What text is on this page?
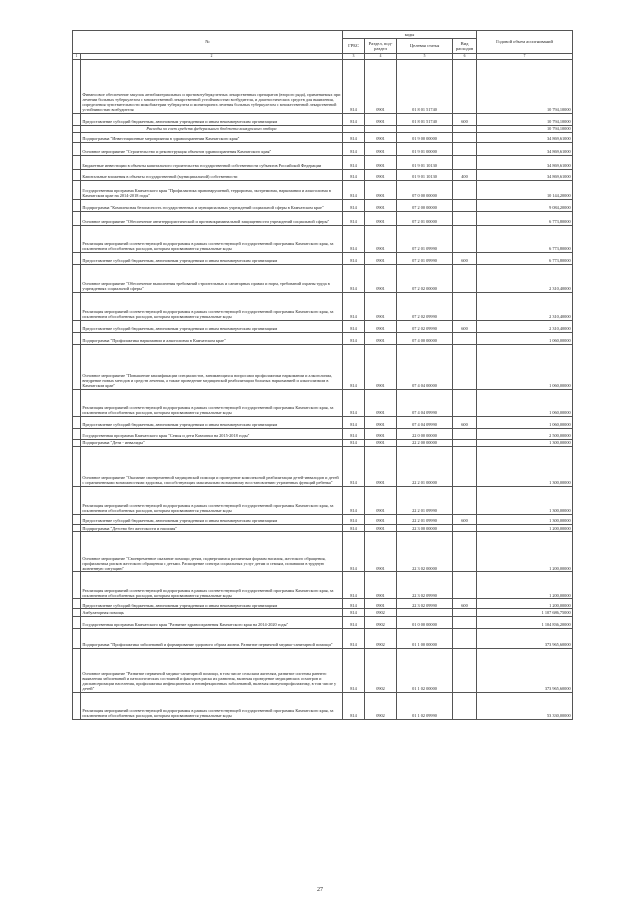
№		коды				Годовой объем ассигнований
		ГРБС	Раздел, под-раздел	Целевая статья	Вид расходов	
1	2	3	4	5	6	7
	Финансовое обеспечение закупок антибактериальных и противотуберкулезных лекарственных препаратов (второго ряда), применяемых при лечении больных туберкулезом с множественной лекарственной устойчивостью возбудителя, и диагностических средств для выявления, определения чувствительности микобактерии туберкулеза и мониторинга лечения больных туберкулезом с множественной лекарственной устойчивостью возбудителя	814	0901	01 8 01 51740		10 794,10000
	Предоставление субсидий бюджетным, автономным учреждениям и иным некоммерческим организациям	814	0901	01 8 01 51740	600	10 794,10000
	Расходы за счет средств федерального бюджета конкурсного отбора					10 794,10000
	Подпрограмма "Инвестиционные мероприятия в здравоохранении Камчатского края"	814	0901	01 9 00 00000		34 869,61000
	Основное мероприятие "Строительство и реконструкция объектов здравоохранения Камчатского края"	814	0901	01 9 01 00000		34 869,61000
	Бюджетные инвестиции в объекты капитального строительства государственной собственности субъектов Российской Федерации	814	0901	01 9 01 10130		34 869,61000
	Капитальные вложения в объекты государственной (муниципальной) собственности	814	0901	01 9 01 10130	400	34 869,61000
	Государственная программа Камчатского края "Профилактика правонарушений, терроризма, экстремизма, наркомании и алкоголизма в Камчатском крае на 2014-2018 годы"	814	0901	07 0 00 00000		10 144,20000
	Подпрограмма "Комплексная безопасность государственных и муниципальных учреждений социальной сферы в Камчатском крае"	814	0901	07 2 00 00000		9 084,20000
	Основное мероприятие "Обеспечение антитеррористической и противокриминальной защищенности учреждений социальной сферы"	814	0901	07 2 01 00000		6 773,80000
	Реализация мероприятий соответствующей подпрограммы в рамках соответствующей государственной программы Камчатского края, за исключением обособленных расходов, которым присваиваются уникальные коды	814	0901	07 2 01 09990		6 773,80000
	Предоставление субсидий бюджетным, автономным учреждениям и иным некоммерческим организациям	814	0901	07 2 01 09990	600	6 773,80000
	Основное мероприятие "Обеспечение выполнения требований строительных и санитарных правил и норм, требований охраны труда в учреждениях социальной сферы"	814	0901	07 2 02 00000		2 310,40000
	Реализация мероприятий соответствующей подпрограммы в рамках соответствующей государственной программы Камчатского края, за исключением обособленных расходов, которым присваиваются уникальные коды	814	0901	07 2 02 09990		2 310,40000
	Предоставление субсидий бюджетным, автономным учреждениям и иным некоммерческим организациям	814	0901	07 2 02 09990	600	2 310,40000
	Подпрограмма "Профилактика наркомании и алкоголизма в Камчатском крае"	814	0901	07 4 00 00000		1 060,00000
	Основное мероприятие "Повышение квалификации специалистов, занимающихся вопросами профилактики наркомании и алкоголизма, внедрение новых методов и средств лечения, а также проведение медицинской реабилитации больных наркоманией и алкоголизмом в Камчатском крае"	814	0901	07 4 04 00000		1 060,00000
	Реализация мероприятий соответствующей подпрограммы в рамках соответствующей государственной программы Камчатского края, за исключением обособленных расходов, которым присваиваются уникальные коды	814	0901	07 4 04 09990		1 060,00000
	Предоставление субсидий бюджетным, автономным учреждениям и иным некоммерческим организациям	814	0901	07 4 04 09990	600	1 060,00000
	Государственная программа Камчатского края "Семья и дети Камчатки на 2015-2018 годы"	814	0901	22 0 00 00000		2 500,00000
	Подпрограмма "Дети - инвалиды"	814	0901	22 2 00 00000		1 300,00000
	Основное мероприятие "Оказание своевременной медицинской помощи и проведение комплексной реабилитации детей-инвалидов и детей с ограниченными возможностями здоровья, способствующих максимально возможному восстановлению утраченных функций ребенка"	814	0901	22 2 01 00000		1 300,00000
	Реализация мероприятий соответствующей подпрограммы в рамках соответствующей государственной программы Камчатского края, за исключением обособленных расходов, которым присваиваются уникальные коды	814	0901	22 2 01 09990		1 300,00000
	Предоставление субсидий бюджетным, автономным учреждениям и иным некоммерческим организациям	814	0901	22 2 01 09990	600	1 300,00000
	Подпрограмма "Детство без жестокости и насилия"	814	0901	22 3 00 00000		1 200,00000
	Основное мероприятие "Своевременное оказание помощи детям, подвергшимся различным формам насилия, жестокого обращения, профилактика рисков жестокого обращения с детьми. Расширение спектра социальных услуг детям и семьям, попавшим в трудную жизненную ситуацию"	814	0901	22 3 02 00000		1 200,00000
	Реализация мероприятий соответствующей подпрограммы в рамках соответствующей государственной программы Камчатского края, за исключением обособленных расходов, которым присваиваются уникальные коды	814	0901	22 3 02 09990		1 200,00000
	Предоставление субсидий бюджетным, автономным учреждениям и иным некоммерческим организациям	814	0901	22 3 02 09990	600	1 200,00000
	Амбулаторная помощь	814	0902			1 107 686,75000
	Государственная программа Камчатского края "Развитие здравоохранения Камчатского края на 2014-2020 годы"	814	0902	01 0 00 00000		1 104 836,20000
	Подпрограмма "Профилактика заболеваний и формирование здорового образа жизни. Развитие первичной медико-санитарной помощи"	814	0902	01 1 00 00000		373 965,60000
	Основное мероприятие "Развитие первичной медико-санитарной помощи, в том числе сельским жителям, развитие системы раннего выявления заболеваний и патологических состояний и факторов риска их развития, включая проведение медицинских осмотров и диспансеризации населения, профилактика инфекционных и неинфекционных заболеваний, включая иммунопрофилактику, в том числе у детей"	814	0902	01 1 02 00000		373 965,60000
	Реализация мероприятий соответствующей подпрограммы в рамках соответствующей государственной программы Камчатского края, за исключением обособленных расходов, которым присваиваются уникальные коды	814	0902	01 1 02 09990		53 330,00000
27
